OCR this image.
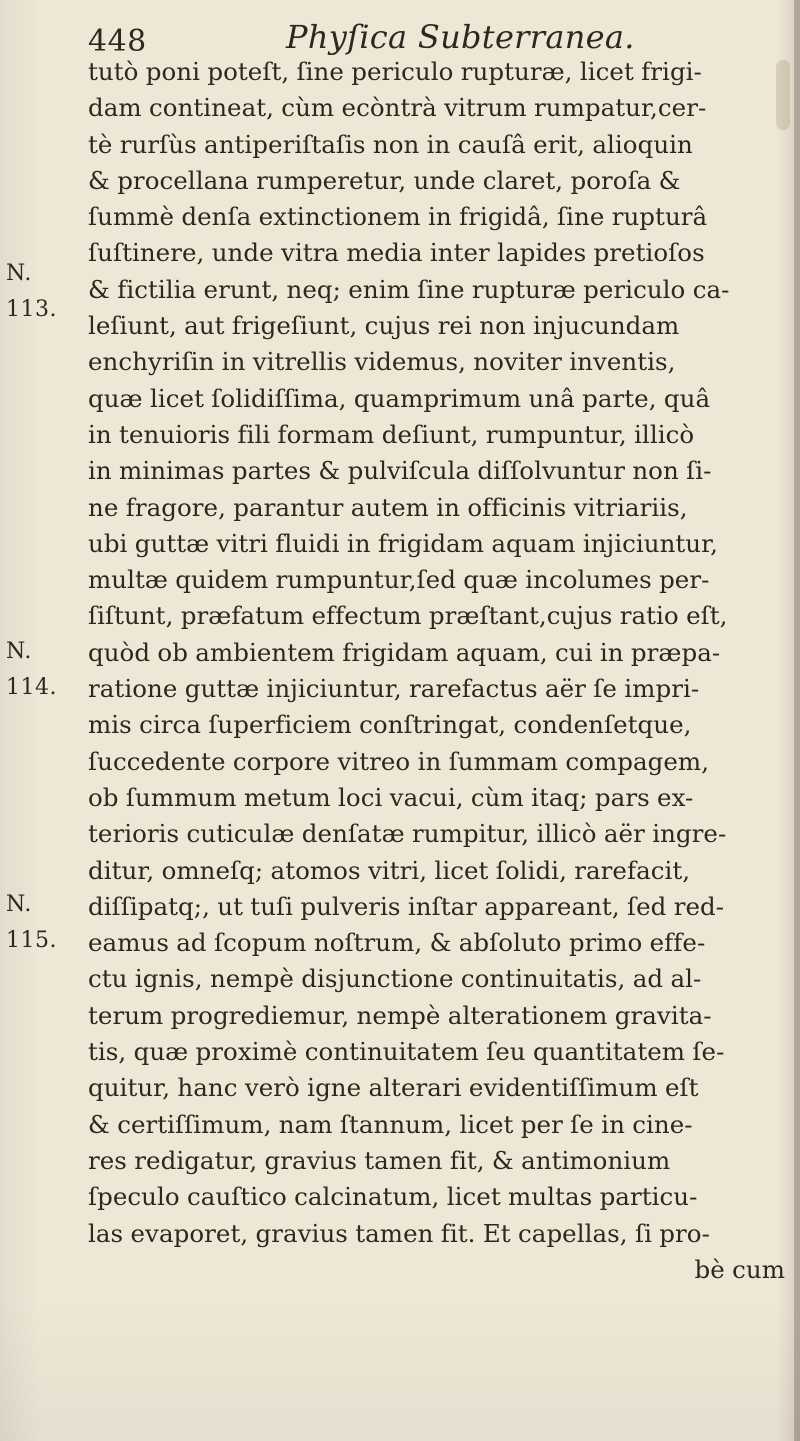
448	Phyſica Subterranea.
N.
113.
N.
114.
N.
115.
tutò poni poteſt, ſine periculo rupturæ, licet frigi-
dam contineat, cùm ecòntrà vitrum rumpatur,cer-
tè rurſùs antiperiſtaſis non in cauſâ erit, alioquin
& procellana rumperetur, unde claret, poroſa &
ſummè denſa extinctionem in frigidâ, ſine rupturâ
ſuſtinere, unde vitra media inter lapides pretioſos
& fictilia erunt, neq; enim ſine rupturæ periculo ca-
leſiunt, aut frigeſiunt, cujus rei non injucundam
enchyriſin in vitrellis videmus, noviter inventis,
quæ licet ſolidiſſima, quamprimum unâ parte, quâ
in tenuioris fili formam deſiunt, rumpuntur, illicò
in minimas partes & pulviſcula diſſolvuntur non ſi-
ne fragore, parantur autem in officinis vitriariis,
ubi guttæ vitri fluidi in frigidam aquam injiciuntur,
multæ quidem rumpuntur,ſed quæ incolumes per-
ſiſtunt, præfatum effectum præſtant,cujus ratio eſt,
quòd ob ambientem frigidam aquam, cui in præpa-
ratione guttæ injiciuntur, rarefactus aër ſe impri-
mis circa ſuperficiem conſtringat, condenſetque,
ſuccedente corpore vitreo in ſummam compagem,
ob ſummum metum loci vacui, cùm itaq; pars ex-
terioris cuticulæ denſatæ rumpitur, illicò aër ingre-
ditur, omneſq; atomos vitri, licet ſolidi, rarefacit,
diſſipatq;, ut tuſi pulveris inſtar appareant, ſed red-
eamus ad ſcopum noſtrum, & abſoluto primo effe-
ctu ignis, nempè disjunctione continuitatis, ad al-
terum progrediemur, nempè alterationem gravita-
tis, quæ proximè continuitatem ſeu quantitatem ſe-
quitur, hanc verò igne alterari evidentiſſimum eſt
& certiſſimum, nam ſtannum, licet per ſe in cine-
res redigatur, gravius tamen fit, & antimonium
ſpeculo cauſtico calcinatum, licet multas particu-
las evaporet, gravius tamen fit. Et capellas, ſi pro-
bè cum
